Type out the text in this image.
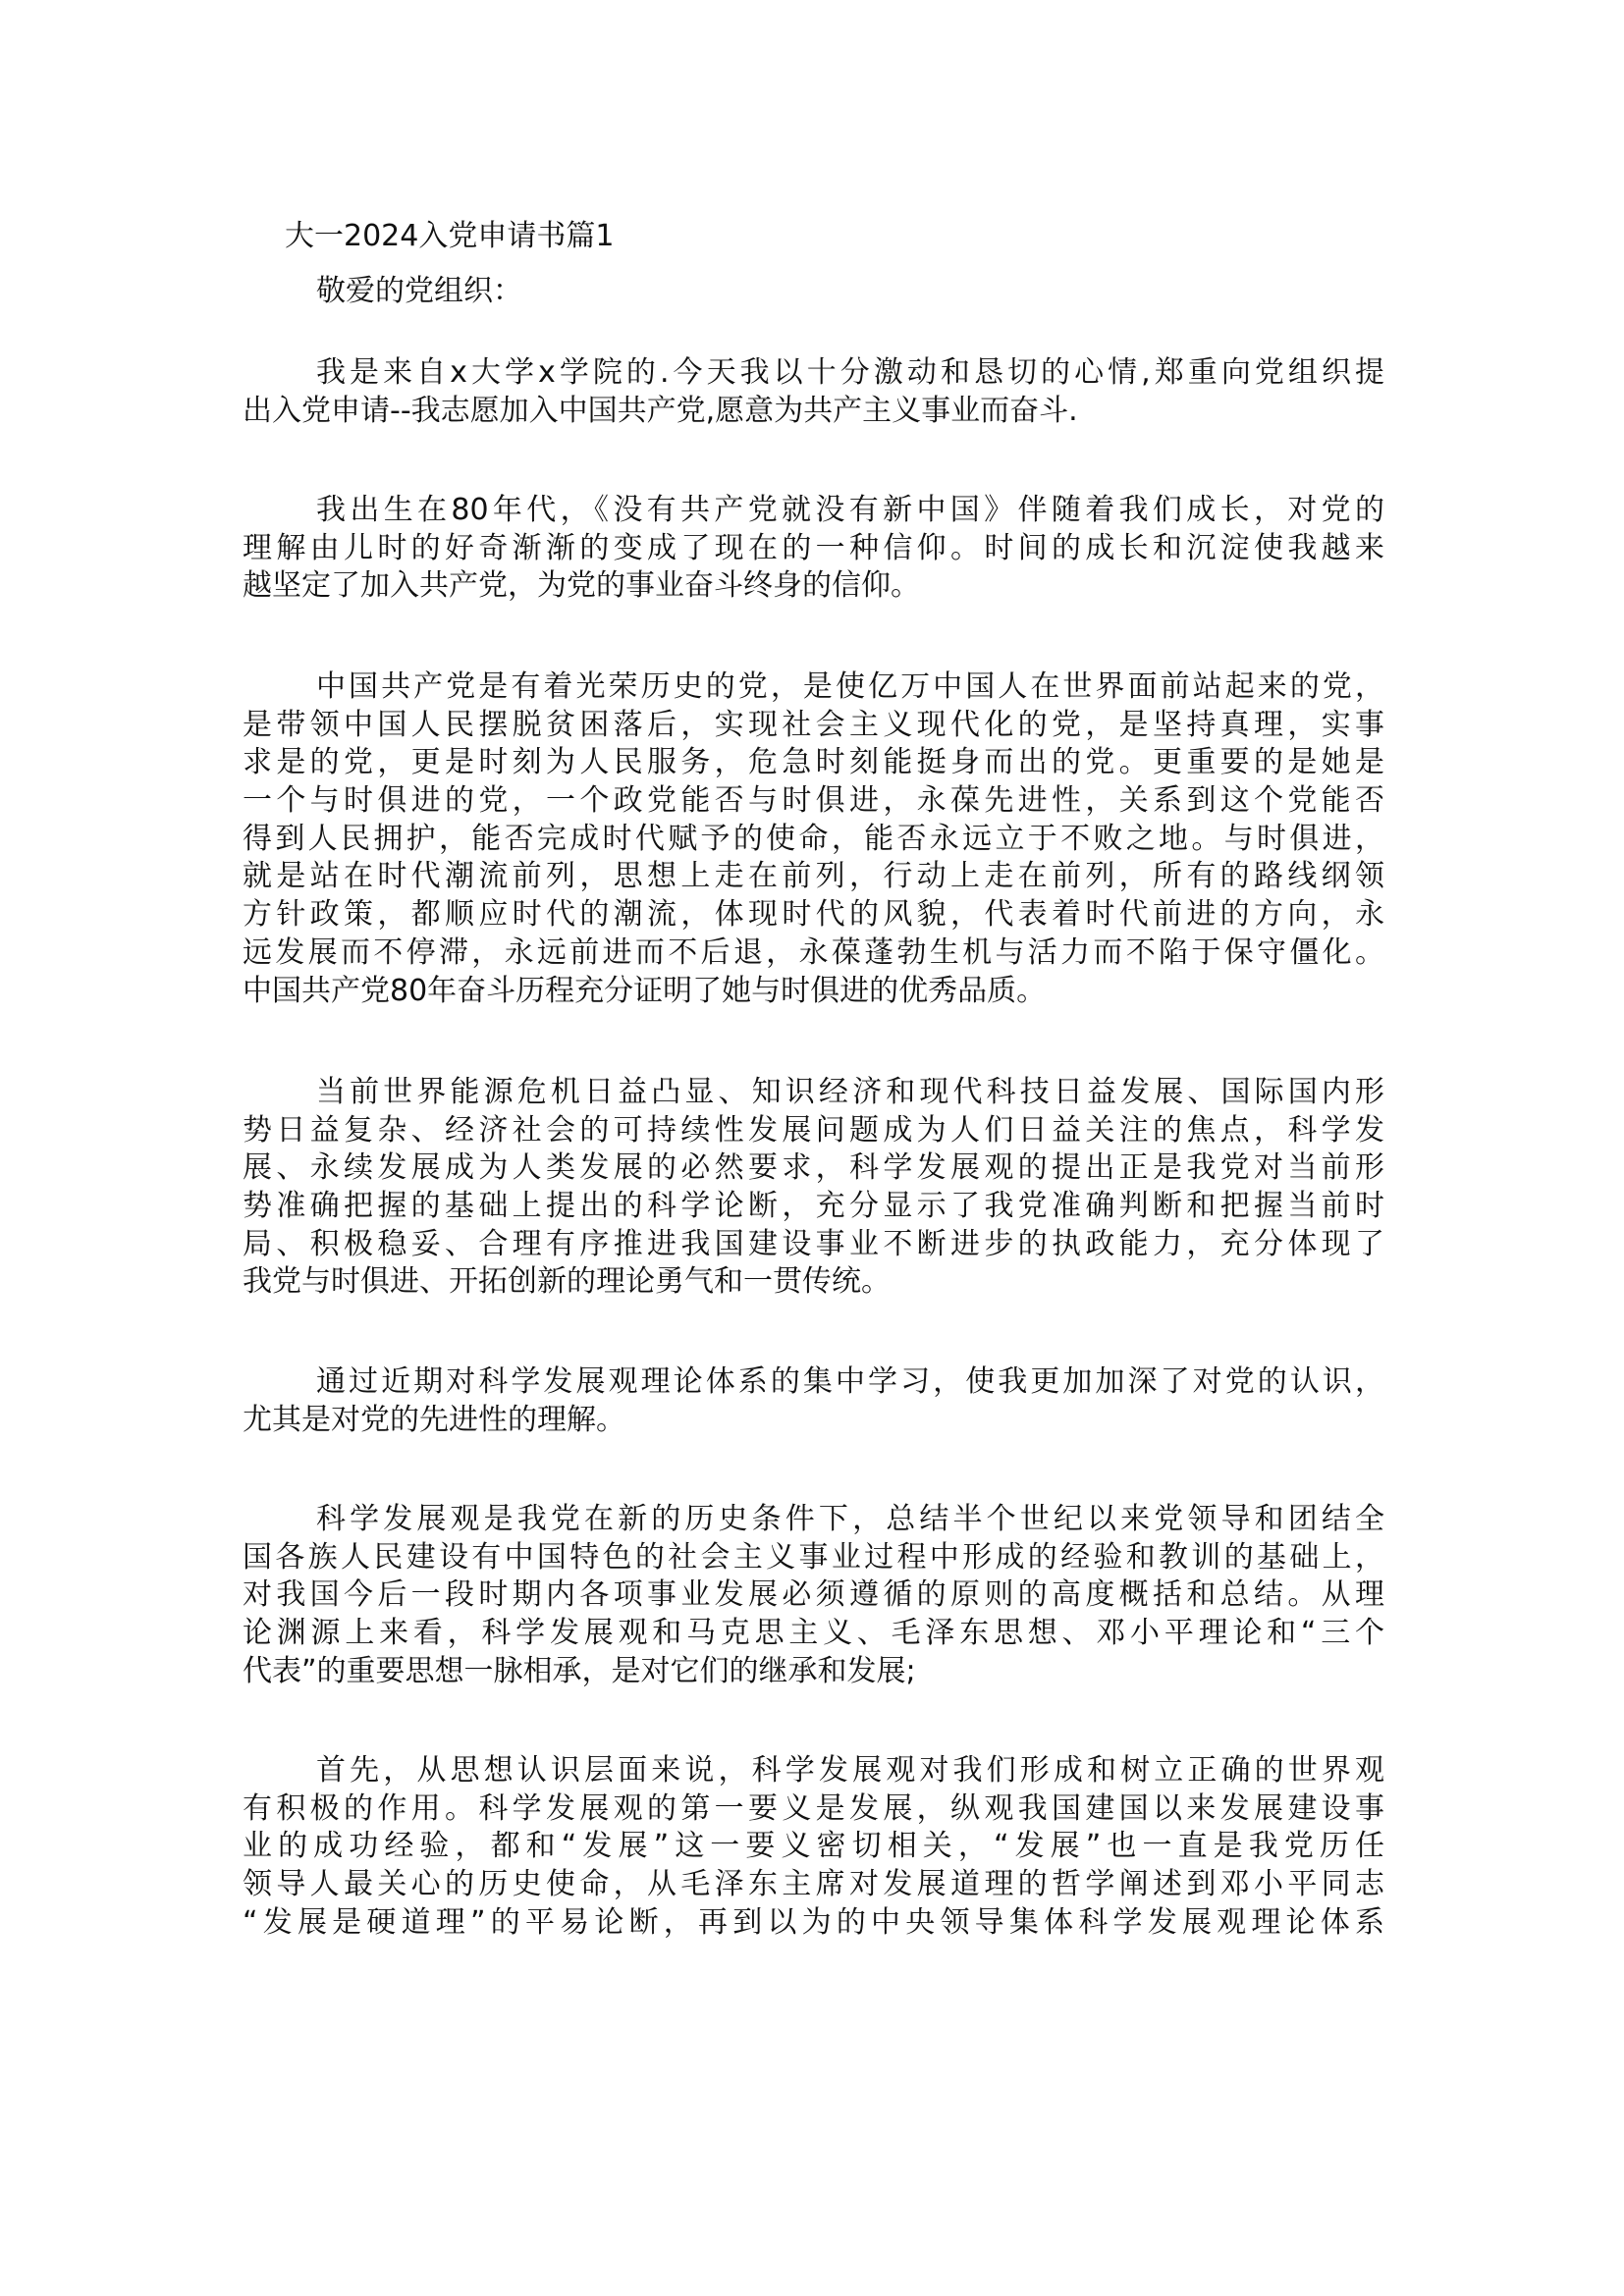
大一2024入党申请书篇1
敬爱的党组织：
我是来自x大学x学院的.今天我以十分激动和恳切的心情,郑重向党组织提
出入党申请--我志愿加入中国共产党,愿意为共产主义事业而奋斗.
我出生在80年代，《没有共产党就没有新中国》伴随着我们成长，对党的
理解由儿时的好奇渐渐的变成了现在的一种信仰。时间的成长和沉淀使我越来
越坚定了加入共产党，为党的事业奋斗终身的信仰。
中国共产党是有着光荣历史的党，是使亿万中国人在世界面前站起来的党，
是带领中国人民摆脱贫困落后，实现社会主义现代化的党，是坚持真理，实事
求是的党，更是时刻为人民服务，危急时刻能挺身而出的党。更重要的是她是
一个与时俱进的党，一个政党能否与时俱进，永葆先进性，关系到这个党能否
得到人民拥护，能否完成时代赋予的使命，能否永远立于不败之地。与时俱进，
就是站在时代潮流前列，思想上走在前列，行动上走在前列，所有的路线纲领
方针政策，都顺应时代的潮流，体现时代的风貌，代表着时代前进的方向，永
远发展而不停滞，永远前进而不后退，永葆蓬勃生机与活力而不陷于保守僵化。
中国共产党80年奋斗历程充分证明了她与时俱进的优秀品质。
当前世界能源危机日益凸显、知识经济和现代科技日益发展、国际国内形
势日益复杂、经济社会的可持续性发展问题成为人们日益关注的焦点，科学发
展、永续发展成为人类发展的必然要求，科学发展观的提出正是我党对当前形
势准确把握的基础上提出的科学论断，充分显示了我党准确判断和把握当前时
局、积极稳妥、合理有序推进我国建设事业不断进步的执政能力，充分体现了
我党与时俱进、开拓创新的理论勇气和一贯传统。
通过近期对科学发展观理论体系的集中学习，使我更加加深了对党的认识，
尤其是对党的先进性的理解。
科学发展观是我党在新的历史条件下，总结半个世纪以来党领导和团结全
国各族人民建设有中国特色的社会主义事业过程中形成的经验和教训的基础上，
对我国今后一段时期内各项事业发展必须遵循的原则的高度概括和总结。从理
论渊源上来看，科学发展观和马克思主义、毛泽东思想、邓小平理论和“三个
代表”的重要思想一脉相承，是对它们的继承和发展;
首先，从思想认识层面来说，科学发展观对我们形成和树立正确的世界观
有积极的作用。科学发展观的第一要义是发展，纵观我国建国以来发展建设事
业的成功经验，都和“发展”这一要义密切相关，“发展”也一直是我党历任
领导人最关心的历史使命，从毛泽东主席对发展道理的哲学阐述到邓小平同志
“发展是硬道理”的平易论断，再到以为的中央领导集体科学发展观理论体系
